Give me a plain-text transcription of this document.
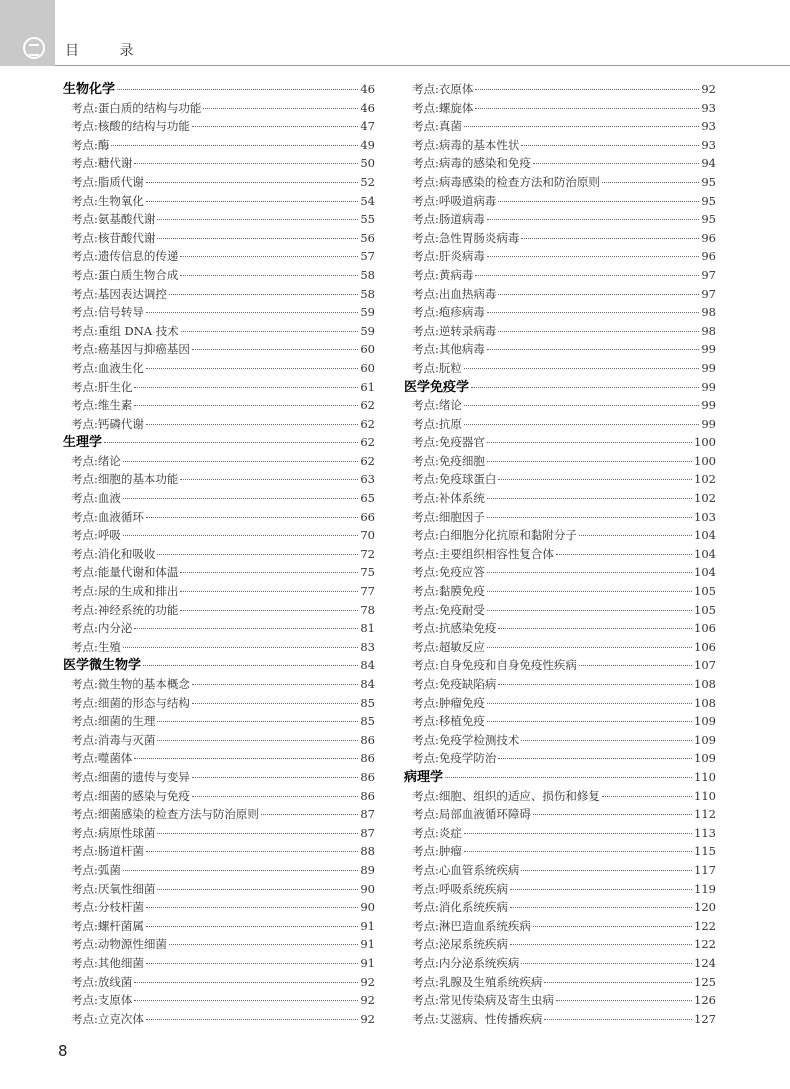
目 录
生物化学	46
考点:蛋白质的结构与功能	46
考点:核酸的结构与功能	47
考点:酶	49
考点:糖代谢	50
考点:脂质代谢	52
考点:生物氧化	54
考点:氨基酸代谢	55
考点:核苷酸代谢	56
考点:遗传信息的传递	57
考点:蛋白质生物合成	58
考点:基因表达调控	58
考点:信号转导	59
考点:重组 DNA 技术	59
考点:癌基因与抑癌基因	60
考点:血液生化	60
考点:肝生化	61
考点:维生素	62
考点:钙磷代谢	62
生理学	62
考点:绪论	62
考点:细胞的基本功能	63
考点:血液	65
考点:血液循环	66
考点:呼吸	70
考点:消化和吸收	72
考点:能量代谢和体温	75
考点:尿的生成和排出	77
考点:神经系统的功能	78
考点:内分泌	81
考点:生殖	83
医学微生物学	84
考点:微生物的基本概念	84
考点:细菌的形态与结构	85
考点:细菌的生理	85
考点:消毒与灭菌	86
考点:噬菌体	86
考点:细菌的遗传与变异	86
考点:细菌的感染与免疫	86
考点:细菌感染的检查方法与防治原则	87
考点:病原性球菌	87
考点:肠道杆菌	88
考点:弧菌	89
考点:厌氧性细菌	90
考点:分枝杆菌	90
考点:螺杆菌属	91
考点:动物源性细菌	91
考点:其他细菌	91
考点:放线菌	92
考点:支原体	92
考点:立克次体	92
考点:衣原体	92
考点:螺旋体	93
考点:真菌	93
考点:病毒的基本性状	93
考点:病毒的感染和免疫	94
考点:病毒感染的检查方法和防治原则	95
考点:呼吸道病毒	95
考点:肠道病毒	95
考点:急性胃肠炎病毒	96
考点:肝炎病毒	96
考点:黄病毒	97
考点:出血热病毒	97
考点:疱疹病毒	98
考点:逆转录病毒	98
考点:其他病毒	99
考点:朊粒	99
医学免疫学	99
考点:绪论	99
考点:抗原	99
考点:免疫器官	100
考点:免疫细胞	100
考点:免疫球蛋白	102
考点:补体系统	102
考点:细胞因子	103
考点:白细胞分化抗原和黏附分子	104
考点:主要组织相容性复合体	104
考点:免疫应答	104
考点:黏膜免疫	105
考点:免疫耐受	105
考点:抗感染免疫	106
考点:超敏反应	106
考点:自身免疫和自身免疫性疾病	107
考点:免疫缺陷病	108
考点:肿瘤免疫	108
考点:移植免疫	109
考点:免疫学检测技术	109
考点:免疫学防治	109
病理学	110
考点:细胞、组织的适应、损伤和修复	110
考点:局部血液循环障碍	112
考点:炎症	113
考点:肿瘤	115
考点:心血管系统疾病	117
考点:呼吸系统疾病	119
考点:消化系统疾病	120
考点:淋巴造血系统疾病	122
考点:泌尿系统疾病	122
考点:内分泌系统疾病	124
考点:乳腺及生殖系统疾病	125
考点:常见传染病及寄生虫病	126
考点:艾滋病、性传播疾病	127
8
